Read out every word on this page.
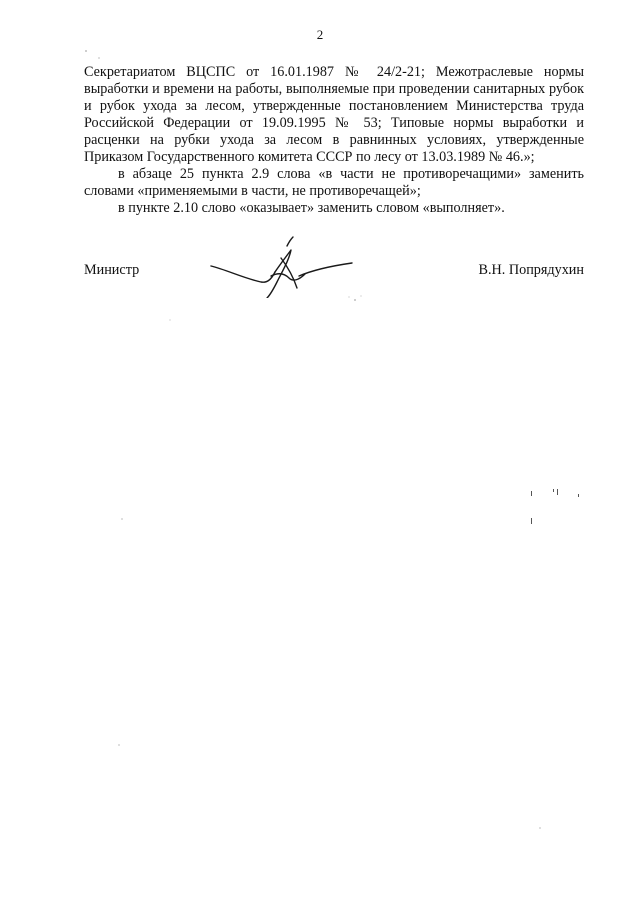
2

Секретариатом ВЦСПС от 16.01.1987 № 24/2-21; Межотраслевые нормы выработки и времени на работы, выполняемые при проведении санитарных рубок и рубок ухода за лесом, утвержденные постановлением Министерства труда Российской Федерации от 19.09.1995 № 53; Типовые нормы выработки и расценки на рубки ухода за лесом в равнинных условиях, утвержденные Приказом Государственного комитета СССР по лесу от 13.03.1989 № 46.»;

в абзаце 25 пункта 2.9 слова «в части не противоречащими» заменить словами «применяемыми в части, не противоречащей»;

в пункте 2.10 слово «оказывает» заменить словом «выполняет».

Министр	В.Н. Попрядухин
